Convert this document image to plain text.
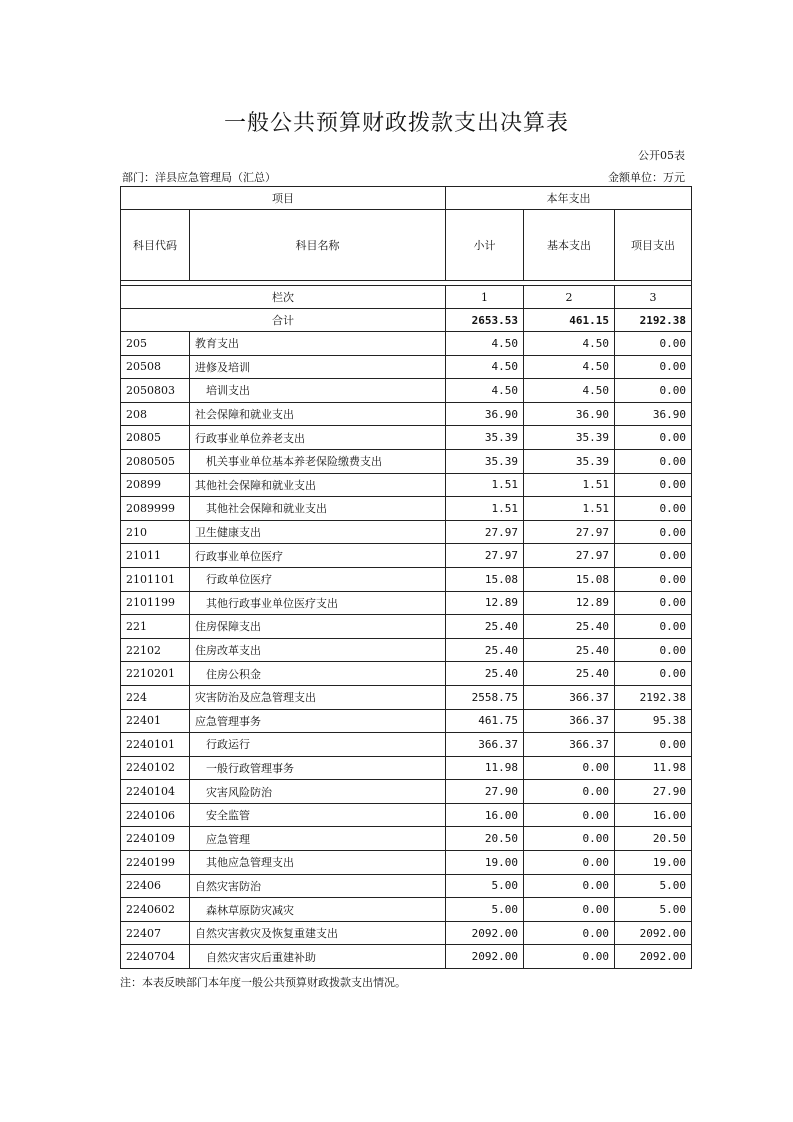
一般公共预算财政拨款支出决算表
公开05表
部门：洋县应急管理局（汇总）	金额单位：万元
项目		本年支出		
科目代码	科目名称	小计	基本支出	项目支出

栏次		1	2	3
合计		2653.53	461.15	2192.38
205	教育支出	4.50	4.50	0.00
20508	进修及培训	4.50	4.50	0.00
2050803	培训支出	4.50	4.50	0.00
208	社会保障和就业支出	36.90	36.90	36.90
20805	行政事业单位养老支出	35.39	35.39	0.00
2080505	机关事业单位基本养老保险缴费支出	35.39	35.39	0.00
20899	其他社会保障和就业支出	1.51	1.51	0.00
2089999	其他社会保障和就业支出	1.51	1.51	0.00
210	卫生健康支出	27.97	27.97	0.00
21011	行政事业单位医疗	27.97	27.97	0.00
2101101	行政单位医疗	15.08	15.08	0.00
2101199	其他行政事业单位医疗支出	12.89	12.89	0.00
221	住房保障支出	25.40	25.40	0.00
22102	住房改革支出	25.40	25.40	0.00
2210201	住房公积金	25.40	25.40	0.00
224	灾害防治及应急管理支出	2558.75	366.37	2192.38
22401	应急管理事务	461.75	366.37	95.38
2240101	行政运行	366.37	366.37	0.00
2240102	一般行政管理事务	11.98	0.00	11.98
2240104	灾害风险防治	27.90	0.00	27.90
2240106	安全监管	16.00	0.00	16.00
2240109	应急管理	20.50	0.00	20.50
2240199	其他应急管理支出	19.00	0.00	19.00
22406	自然灾害防治	5.00	0.00	5.00
2240602	森林草原防灾减灾	5.00	0.00	5.00
22407	自然灾害救灾及恢复重建支出	2092.00	0.00	2092.00
2240704	自然灾害灾后重建补助	2092.00	0.00	2092.00
注：本表反映部门本年度一般公共预算财政拨款支出情况。
